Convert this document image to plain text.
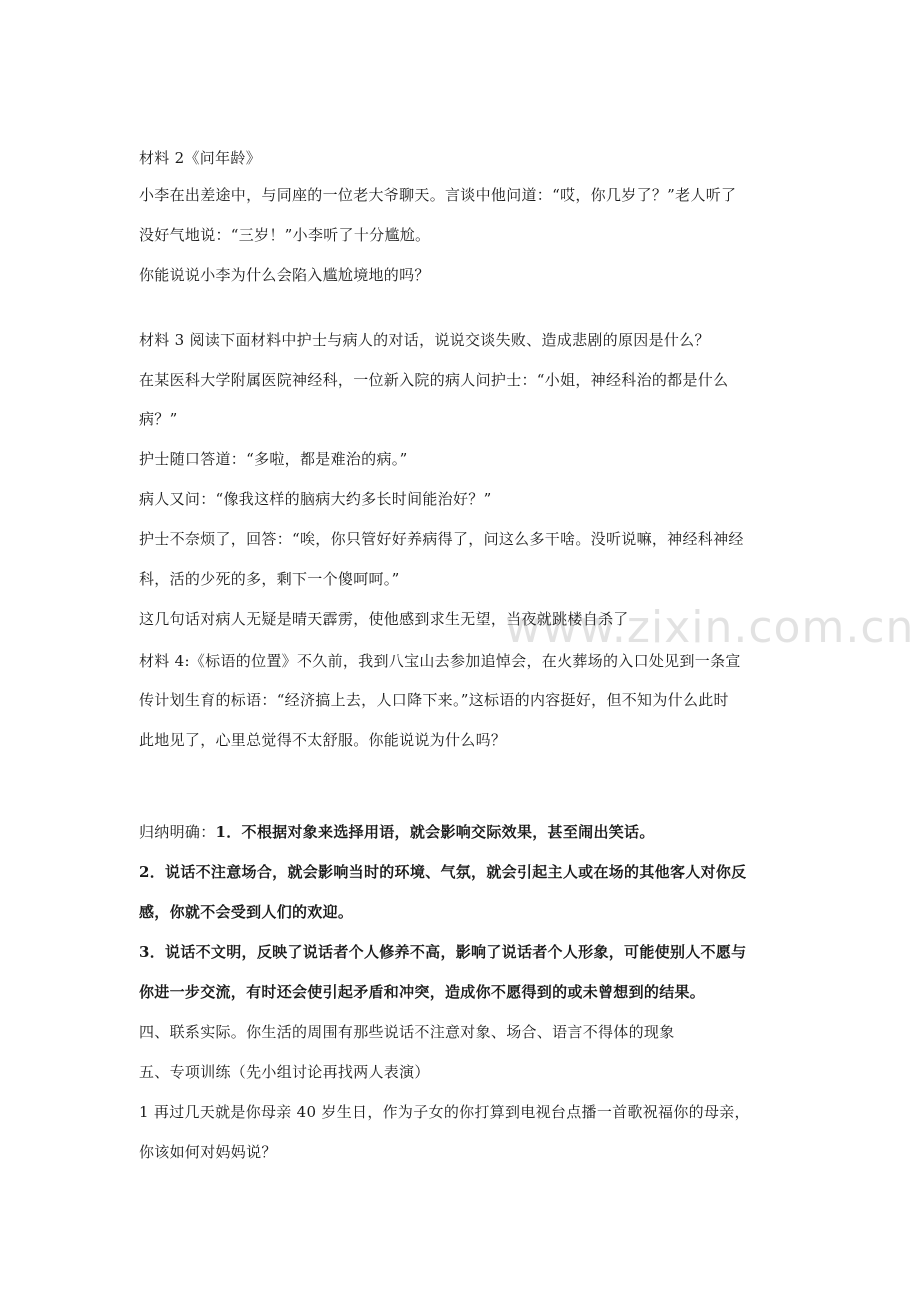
www.zixin.com.cn
材料 2《问年龄》
小李在出差途中，与同座的一位老大爷聊天。言谈中他问道：“哎，你几岁了？”老人听了
没好气地说：“三岁！”小李听了十分尴尬。
你能说说小李为什么会陷入尴尬境地的吗？
材料 3 阅读下面材料中护士与病人的对话，说说交谈失败、造成悲剧的原因是什么？
在某医科大学附属医院神经科，一位新入院的病人问护士：“小姐，神经科治的都是什么
病？”
护士随口答道：“多啦，都是难治的病。”
病人又问：“像我这样的脑病大约多长时间能治好？”
护士不奈烦了，回答：“唉，你只管好好养病得了，问这么多干啥。没听说嘛，神经科神经
科，活的少死的多，剩下一个傻呵呵。”
这几句话对病人无疑是晴天霹雳，使他感到求生无望，当夜就跳楼自杀了
材料 4:《标语的位置》不久前，我到八宝山去参加追悼会，在火葬场的入口处见到一条宣
传计划生育的标语：“经济搞上去，人口降下来。”这标语的内容挺好，但不知为什么此时
此地见了，心里总觉得不太舒服。你能说说为什么吗？
归纳明确：1．不根据对象来选择用语，就会影响交际效果，甚至闹出笑话。
2．说话不注意场合，就会影响当时的环境、气氛，就会引起主人或在场的其他客人对你反
感，你就不会受到人们的欢迎。
3．说话不文明，反映了说话者个人修养不高，影响了说话者个人形象，可能使别人不愿与
你进一步交流，有时还会使引起矛盾和冲突，造成你不愿得到的或未曾想到的结果。
四、联系实际。你生活的周围有那些说话不注意对象、场合、语言不得体的现象
五、专项训练（先小组讨论再找两人表演）
1 再过几天就是你母亲 40 岁生日，作为子女的你打算到电视台点播一首歌祝福你的母亲，
你该如何对妈妈说？
